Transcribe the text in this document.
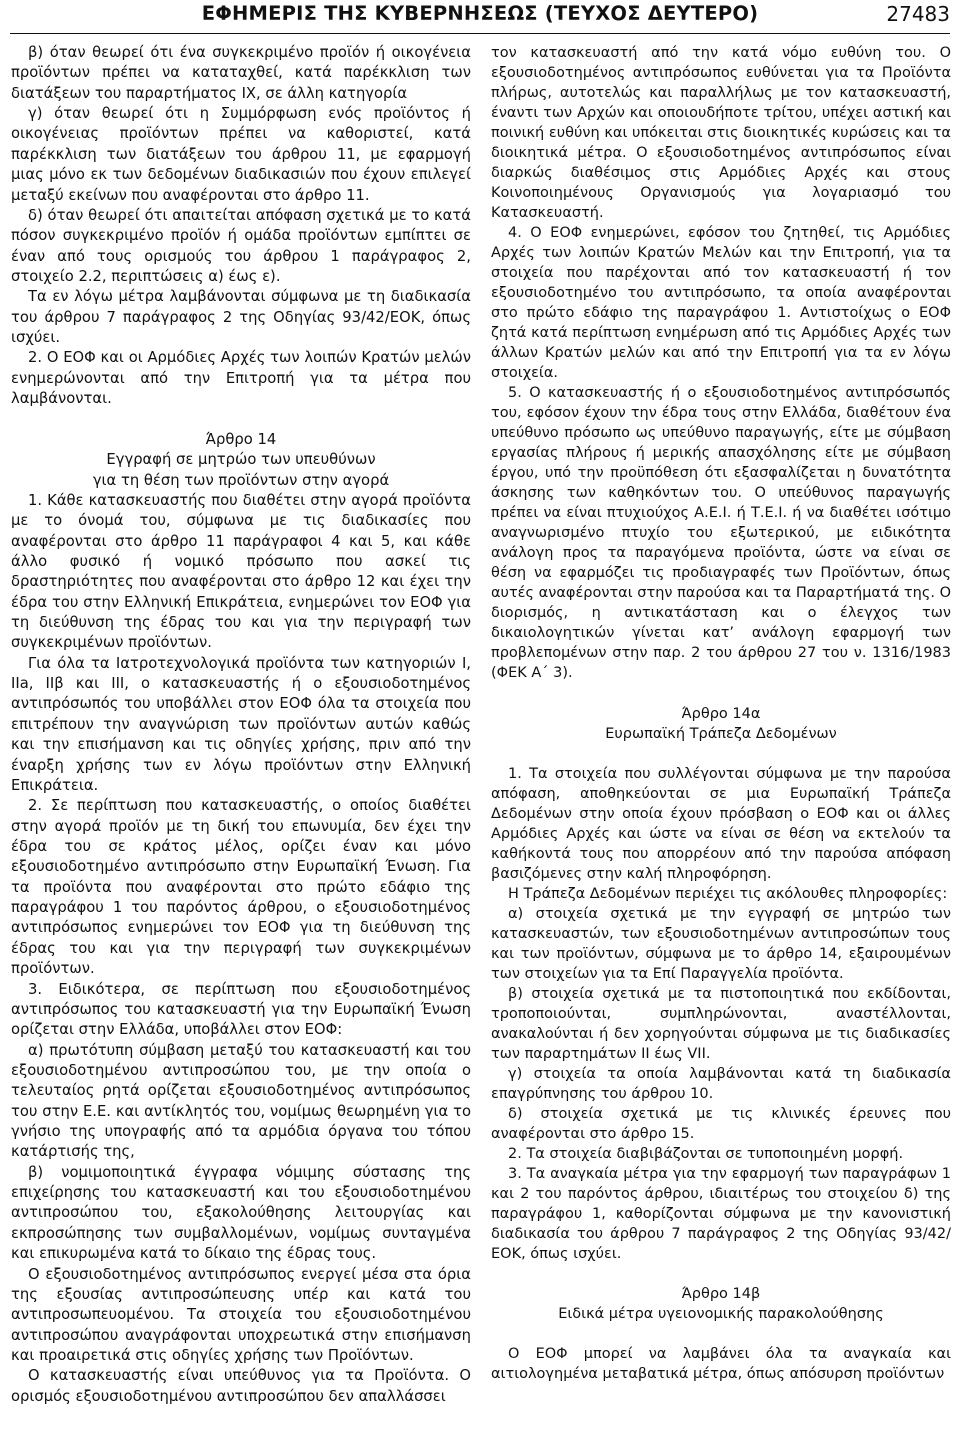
ΕΦΗΜΕΡΙΣ ΤΗΣ ΚΥΒΕΡΝΗΣΕΩΣ (ΤΕΥΧΟΣ ΔΕΥΤΕΡΟ)	27483

β) όταν θεωρεί ότι ένα συγκεκριμένο προϊόν ή οικογένεια προϊόντων πρέπει να καταταχθεί, κατά παρέκκλιση των διατάξεων του παραρτήματος IX, σε άλλη κατηγορία

γ) όταν θεωρεί ότι η Συμμόρφωση ενός προϊόντος ή οικογένειας προϊόντων πρέπει να καθοριστεί, κατά παρέκκλιση των διατάξεων του άρθρου 11, με εφαρμογή μιας μόνο εκ των δεδομένων διαδικασιών που έχουν επιλεγεί μεταξύ εκείνων που αναφέρονται στο άρθρο 11.

δ) όταν θεωρεί ότι απαιτείται απόφαση σχετικά με το κατά πόσον συγκεκριμένο προϊόν ή ομάδα προϊόντων εμπίπτει σε έναν από τους ορισμούς του άρθρου 1 παράγραφος 2, στοιχείο 2.2, περιπτώσεις α) έως ε).

Τα εν λόγω μέτρα λαμβάνονται σύμφωνα με τη διαδικασία του άρθρου 7 παράγραφος 2 της Οδηγίας 93/42/ΕΟΚ, όπως ισχύει.

2. Ο ΕΟΦ και οι Αρμόδιες Αρχές των λοιπών Κρατών μελών ενημερώνονται από την Επιτροπή για τα μέτρα που λαμβάνονται.

Άρθρο 14

Εγγραφή σε μητρώο των υπευθύνων

για τη θέση των προϊόντων στην αγορά

1. Κάθε κατασκευαστής που διαθέτει στην αγορά προϊόντα με το όνομά του, σύμφωνα με τις διαδικασίες που αναφέρονται στο άρθρο 11 παράγραφοι 4 και 5, και κάθε άλλο φυσικό ή νομικό πρόσωπο που ασκεί τις δραστηριότητες που αναφέρονται στο άρθρο 12 και έχει την έδρα του στην Ελληνική Επικράτεια, ενημερώνει τον ΕΟΦ για τη διεύθυνση της έδρας του και για την περιγραφή των συγκεκριμένων προϊόντων.

Για όλα τα Ιατροτεχνολογικά προϊόντα των κατηγοριών I, IIa, IIβ και III, ο κατασκευαστής ή ο εξουσιοδοτημένος αντιπρόσωπός του υποβάλλει στον ΕΟΦ όλα τα στοιχεία που επιτρέπουν την αναγνώριση των προϊόντων αυτών καθώς και την επισήμανση και τις οδηγίες χρήσης, πριν από την έναρξη χρήσης των εν λόγω προϊόντων στην Ελληνική Επικράτεια.

2. Σε περίπτωση που κατασκευαστής, ο οποίος διαθέτει στην αγορά προϊόν με τη δική του επωνυμία, δεν έχει την έδρα του σε κράτος μέλος, ορίζει έναν και μόνο εξουσιοδοτημένο αντιπρόσωπο στην Ευρωπαϊκή Ένωση. Για τα προϊόντα που αναφέρονται στο πρώτο εδάφιο της παραγράφου 1 του παρόντος άρθρου, ο εξουσιοδοτημένος αντιπρόσωπος ενημερώνει τον ΕΟΦ για τη διεύθυνση της έδρας του και για την περιγραφή των συγκεκριμένων προϊόντων.

3. Ειδικότερα, σε περίπτωση που εξουσιοδοτημένος αντιπρόσωπος του κατασκευαστή για την Ευρωπαϊκή Ένωση ορίζεται στην Ελλάδα, υποβάλλει στον ΕΟΦ:

α) πρωτότυπη σύμβαση μεταξύ του κατασκευαστή και του εξουσιοδοτημένου αντιπροσώπου του, με την οποία ο τελευταίος ρητά ορίζεται εξουσιοδοτημένος αντιπρόσωπος του στην Ε.Ε. και αντίκλητός του, νομίμως θεωρημένη για το γνήσιο της υπογραφής από τα αρμόδια όργανα του τόπου κατάρτισής της,

β) νομιμοποιητικά έγγραφα νόμιμης σύστασης της επιχείρησης του κατασκευαστή και του εξουσιοδοτημένου αντιπροσώπου του, εξακολούθησης λειτουργίας και εκπροσώπησης των συμβαλλομένων, νομίμως συνταγμένα και επικυρωμένα κατά το δίκαιο της έδρας τους.

Ο εξουσιοδοτημένος αντιπρόσωπος ενεργεί μέσα στα όρια της εξουσίας αντιπροσώπευσης υπέρ και κατά του αντιπροσωπευομένου. Τα στοιχεία του εξουσιοδοτημένου αντιπροσώπου αναγράφονται υποχρεωτικά στην επισήμανση και προαιρετικά στις οδηγίες χρήσης των Προϊόντων.

Ο κατασκευαστής είναι υπεύθυνος για τα Προϊόντα. Ο ορισμός εξουσιοδοτημένου αντιπροσώπου δεν απαλλάσσει

τον κατασκευαστή από την κατά νόμο ευθύνη του. Ο εξουσιοδοτημένος αντιπρόσωπος ευθύνεται για τα Προϊόντα πλήρως, αυτοτελώς και παραλλήλως με τον κατασκευαστή, έναντι των Αρχών και οποιουδήποτε τρίτου, υπέχει αστική και ποινική ευθύνη και υπόκειται στις διοικητικές κυρώσεις και τα διοικητικά μέτρα. Ο εξουσιοδοτημένος αντιπρόσωπος είναι διαρκώς διαθέσιμος στις Αρμόδιες Αρχές και στους Κοινοποιημένους Οργανισμούς για λογαριασμό του Κατασκευαστή.

4. Ο ΕΟΦ ενημερώνει, εφόσον του ζητηθεί, τις Αρμόδιες Αρχές των λοιπών Κρατών Μελών και την Επιτροπή, για τα στοιχεία που παρέχονται από τον κατασκευαστή ή τον εξουσιοδοτημένο του αντιπρόσωπο, τα οποία αναφέρονται στο πρώτο εδάφιο της παραγράφου 1. Αντιστοίχως ο ΕΟΦ ζητά κατά περίπτωση ενημέρωση από τις Αρμόδιες Αρχές των άλλων Κρατών μελών και από την Επιτροπή για τα εν λόγω στοιχεία.

5. Ο κατασκευαστής ή ο εξουσιοδοτημένος αντιπρόσωπός του, εφόσον έχουν την έδρα τους στην Ελλάδα, διαθέτουν ένα υπεύθυνο πρόσωπο ως υπεύθυνο παραγωγής, είτε με σύμβαση εργασίας πλήρους ή μερικής απασχόλησης είτε με σύμβαση έργου, υπό την προϋπόθεση ότι εξασφαλίζεται η δυνατότητα άσκησης των καθηκόντων του. Ο υπεύθυνος παραγωγής πρέπει να είναι πτυχιούχος Α.Ε.Ι. ή Τ.Ε.Ι. ή να διαθέτει ισότιμο αναγνωρισμένο πτυχίο του εξωτερικού, με ειδικότητα ανάλογη προς τα παραγόμενα προϊόντα, ώστε να είναι σε θέση να εφαρμόζει τις προδιαγραφές των Προϊόντων, όπως αυτές αναφέρονται στην παρούσα και τα Παραρτήματά της. Ο διορισμός, η αντικατάσταση και ο έλεγχος των δικαιολογητικών γίνεται κατ’ ανάλογη εφαρμογή των προβλεπομένων στην παρ. 2 του άρθρου 27 του ν. 1316/1983 (ΦΕΚ Α΄ 3).

Άρθρο 14α

Ευρωπαϊκή Τράπεζα Δεδομένων

1. Τα στοιχεία που συλλέγονται σύμφωνα με την παρούσα απόφαση, αποθηκεύονται σε μια Ευρωπαϊκή Τράπεζα Δεδομένων στην οποία έχουν πρόσβαση ο ΕΟΦ και οι άλλες Αρμόδιες Αρχές και ώστε να είναι σε θέση να εκτελούν τα καθήκοντά τους που απορρέουν από την παρούσα απόφαση βασιζόμενες στην καλή πληροφόρηση.

Η Τράπεζα Δεδομένων περιέχει τις ακόλουθες πληροφορίες:

α) στοιχεία σχετικά με την εγγραφή σε μητρώο των κατασκευαστών, των εξουσιοδοτημένων αντιπροσώπων τους και των προϊόντων, σύμφωνα με το άρθρο 14, εξαιρουμένων των στοιχείων για τα Επί Παραγγελία προϊόντα.

β) στοιχεία σχετικά με τα πιστοποιητικά που εκδίδονται, τροποποιούνται, συμπληρώνονται, αναστέλλονται, ανακαλούνται ή δεν χορηγούνται σύμφωνα με τις διαδικασίες των παραρτημάτων II έως VII.

γ) στοιχεία τα οποία λαμβάνονται κατά τη διαδικασία επαγρύπνησης του άρθρου 10.

δ) στοιχεία σχετικά με τις κλινικές έρευνες που αναφέρονται στο άρθρο 15.

2. Τα στοιχεία διαβιβάζονται σε τυποποιημένη μορφή.

3. Τα αναγκαία μέτρα για την εφαρμογή των παραγράφων 1 και 2 του παρόντος άρθρου, ιδιαιτέρως του στοιχείου δ) της παραγράφου 1, καθορίζονται σύμφωνα με την κανονιστική διαδικασία του άρθρου 7 παράγραφος 2 της Οδηγίας 93/42/ΕΟΚ, όπως ισχύει.

Άρθρο 14β

Ειδικά μέτρα υγειονομικής παρακολούθησης

Ο ΕΟΦ μπορεί να λαμβάνει όλα τα αναγκαία και αιτιολογημένα μεταβατικά μέτρα, όπως απόσυρση προϊόντων
